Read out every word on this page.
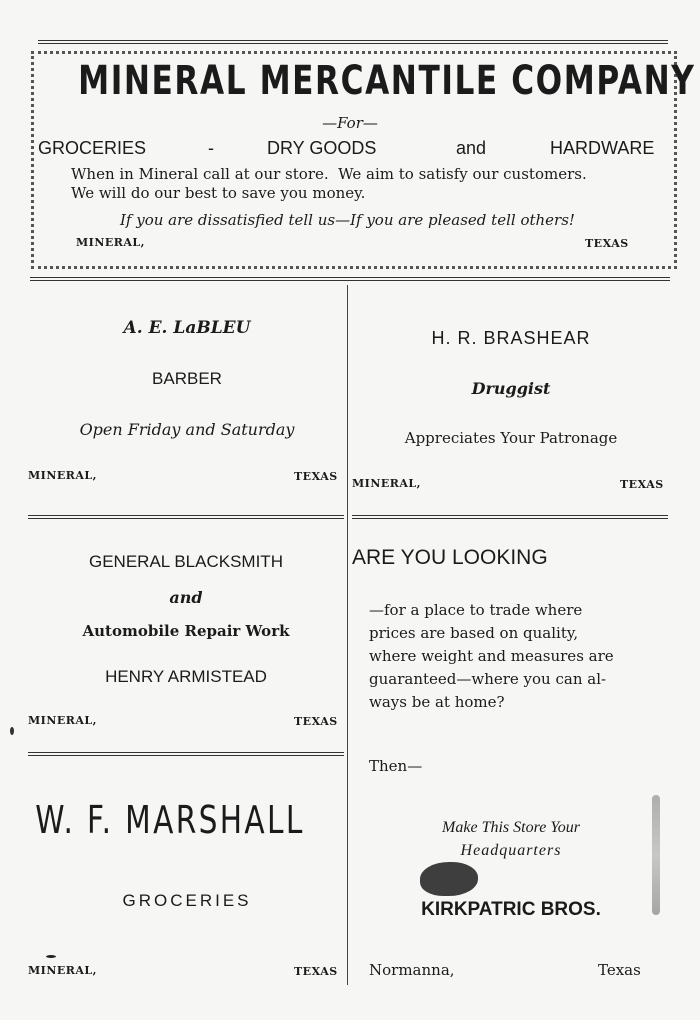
MINERAL MERCANTILE COMPANY
—For—
GROCERIES	-	DRY GOODS	and	HARDWARE
When in Mineral call at our store.  We aim to satisfy our customers.
We will do our best to save you money.
If you are dissatisfied tell us—If you are pleased tell others!
MINERAL,	TEXAS
A. E. LaBLEU
BARBER
Open Friday and Saturday
MINERAL,	TEXAS
H. R. BRASHEAR
Druggist
Appreciates Your Patronage
MINERAL,	TEXAS
GENERAL BLACKSMITH
and
Automobile Repair Work
HENRY ARMISTEAD
MINERAL,	TEXAS
W. F. MARSHALL
GROCERIES
MINERAL,	TEXAS
ARE YOU LOOKING
—for a place to trade where
prices are based on quality,
where weight and measures are
guaranteed—where you can al-
ways be at home?
Then—
Make This Store Your
Headquarters
KIRKPATRIC BROS.
Normanna,	Texas
